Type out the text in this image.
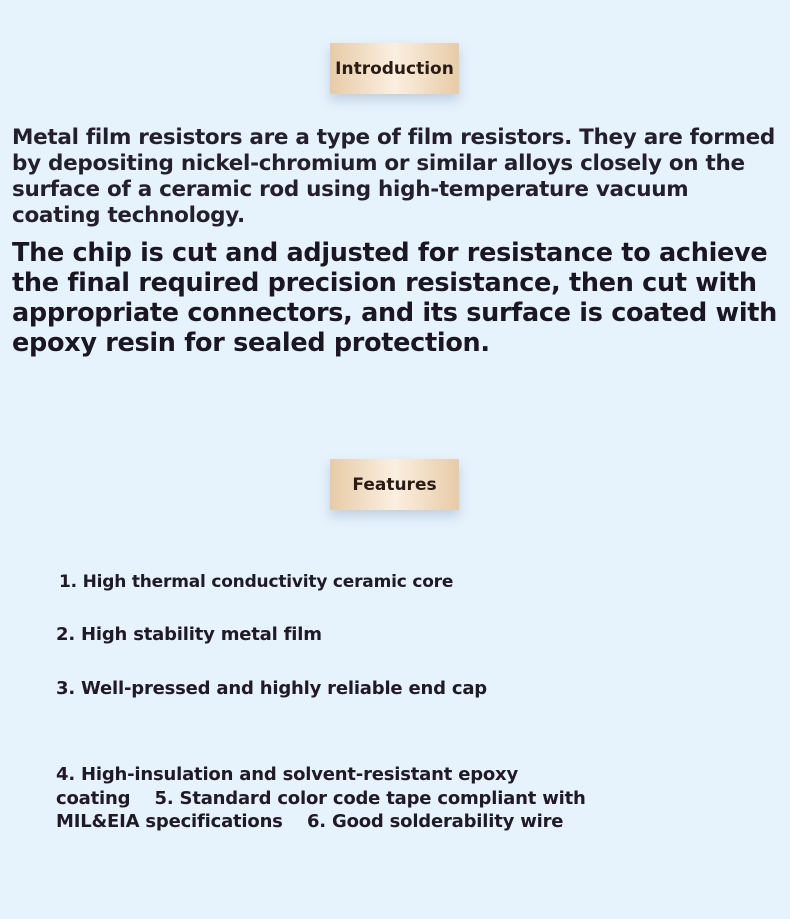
Introduction

Metal film resistors are a type of film resistors. They are formed by depositing nickel-chromium or similar alloys closely on the surface of a ceramic rod using high-temperature vacuum coating technology.

The chip is cut and adjusted for resistance to achieve the final required precision resistance, then cut with appropriate connectors, and its surface is coated with epoxy resin for sealed protection.

Features

1. High thermal conductivity ceramic core

2. High stability metal film

3. Well-pressed and highly reliable end cap

4. High-insulation and solvent-resistant epoxy
coating    5. Standard color code tape compliant with
MIL&EIA specifications    6. Good solderability wire
